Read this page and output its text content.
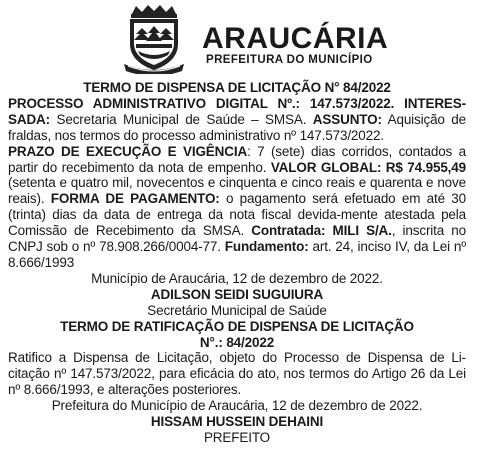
ARAUCÁRIA
PREFEITURA DO MUNICÍPIO

TERMO DE DISPENSA DE LICITAÇÃO N° 84/2022

PROCESSO ADMINISTRATIVO DIGITAL Nº.: 147.573/2022. INTERES-SADA: Secretaria Municipal de Saúde – SMSA. ASSUNTO: Aquisição de fraldas, nos termos do processo administrativo nº 147.573/2022.

PRAZO DE EXECUÇÃO E VIGÊNCIA: 7 (sete) dias corridos, contados a partir do recebimento da nota de empenho. VALOR GLOBAL: R$ 74.955,49 (setenta e quatro mil, novecentos e cinquenta e cinco reais e quarenta e nove reais). FORMA DE PAGAMENTO: o pagamento será efetuado em até 30 (trinta) dias da data de entrega da nota fiscal devida-mente atestada pela Comissão de Recebimento da SMSA. Contratada: MILI S/A., inscrita no CNPJ sob o nº 78.908.266/0004-77. Fundamento: art. 24, inciso IV, da Lei nº 8.666/1993

Município de Araucária, 12 de dezembro de 2022.

ADILSON SEIDI SUGUIURA

Secretário Municipal de Saúde

TERMO DE RATIFICAÇÃO DE DISPENSA DE LICITAÇÃO

N°.: 84/2022

Ratifico a Dispensa de Licitação, objeto do Processo de Dispensa de Li-citação nº 147.573/2022, para eficácia do ato, nos termos do Artigo 26 da Lei nº 8.666/1993, e alterações posteriores.

Prefeitura do Município de Araucária, 12 de dezembro de 2022.

HISSAM HUSSEIN DEHAINI

PREFEITO
